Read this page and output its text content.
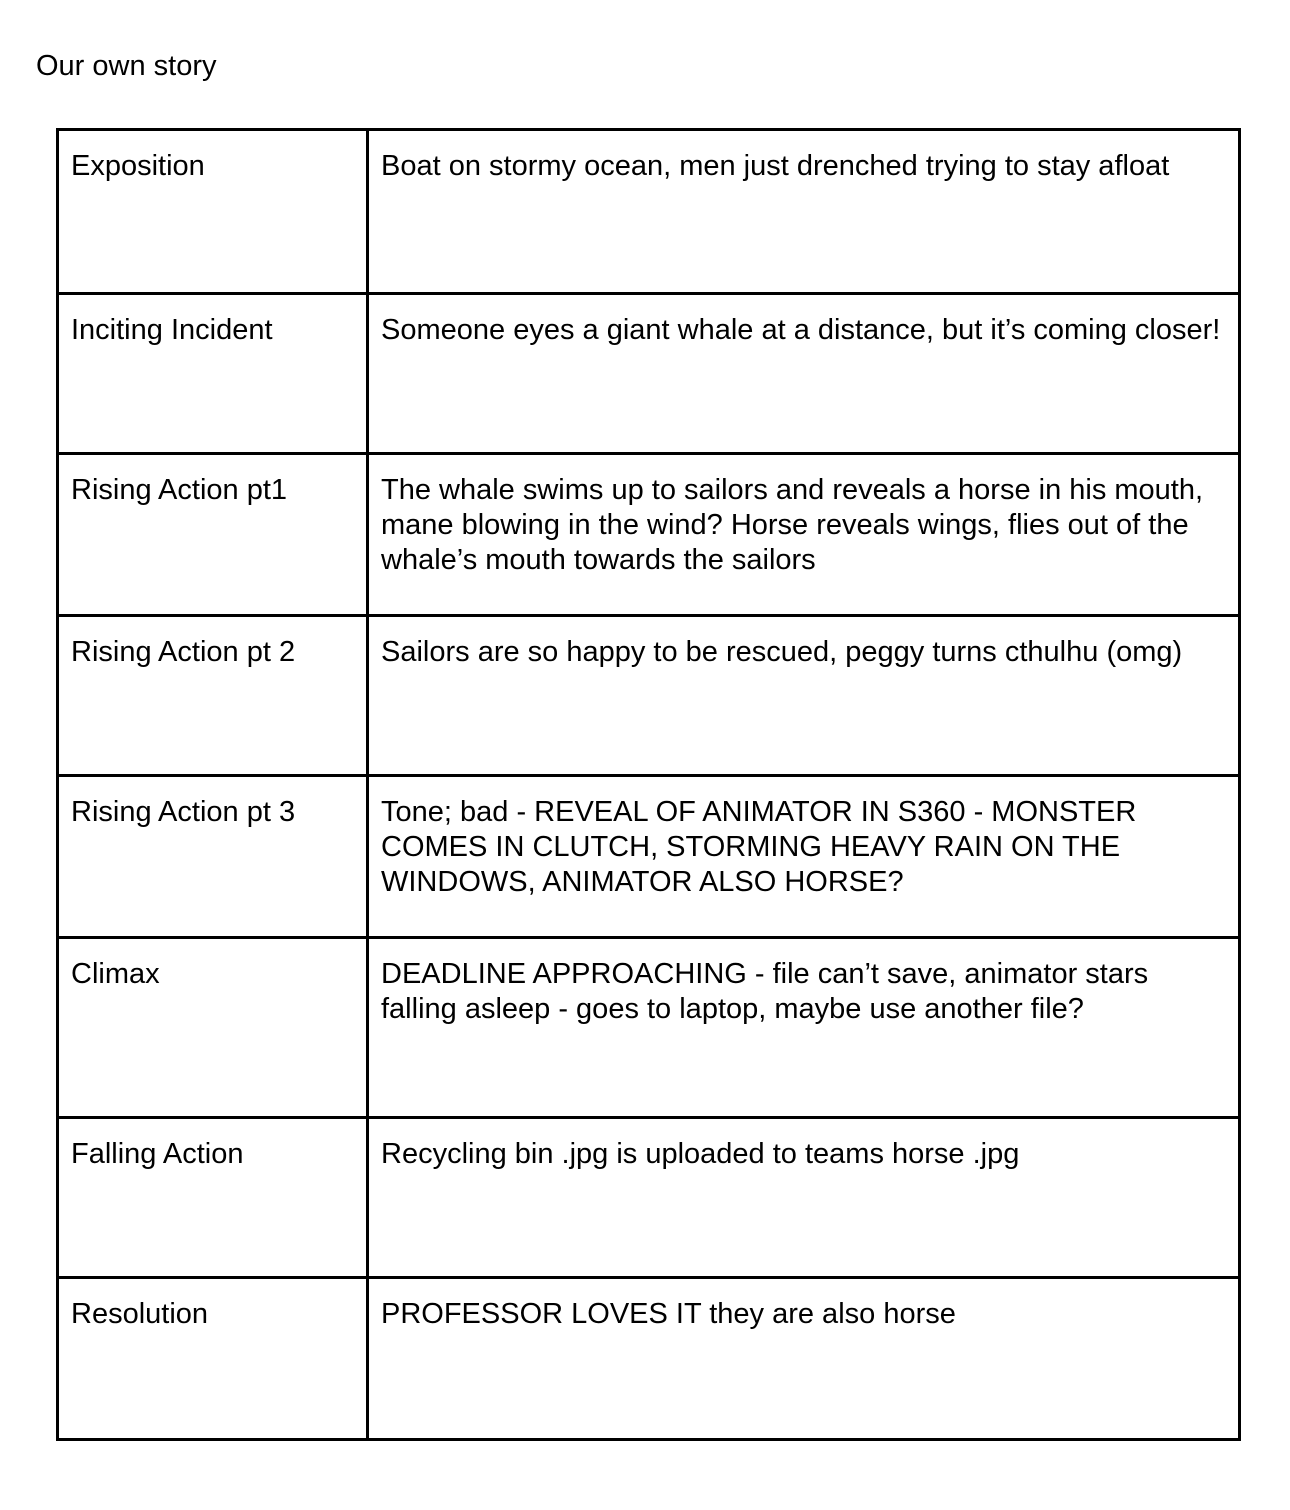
Our own story
Exposition	Boat on stormy ocean, men just drenched trying to stay afloat
Inciting Incident	Someone eyes a giant whale at a distance, but it’s coming closer!
Rising Action pt1	The whale swims up to sailors and reveals a horse in his mouth, mane blowing in the wind? Horse reveals wings, flies out of the whale’s mouth towards the sailors
Rising Action pt 2	Sailors are so happy to be rescued, peggy turns cthulhu (omg)
Rising Action pt 3	Tone; bad - REVEAL OF ANIMATOR IN S360 - MONSTER COMES IN CLUTCH, STORMING HEAVY RAIN ON THE WINDOWS, ANIMATOR ALSO HORSE?
Climax	DEADLINE APPROACHING - file can’t save, animator stars falling asleep - goes to laptop, maybe use another file?
Falling Action	Recycling bin .jpg is uploaded to teams horse .jpg
Resolution	PROFESSOR LOVES IT they are also horse
